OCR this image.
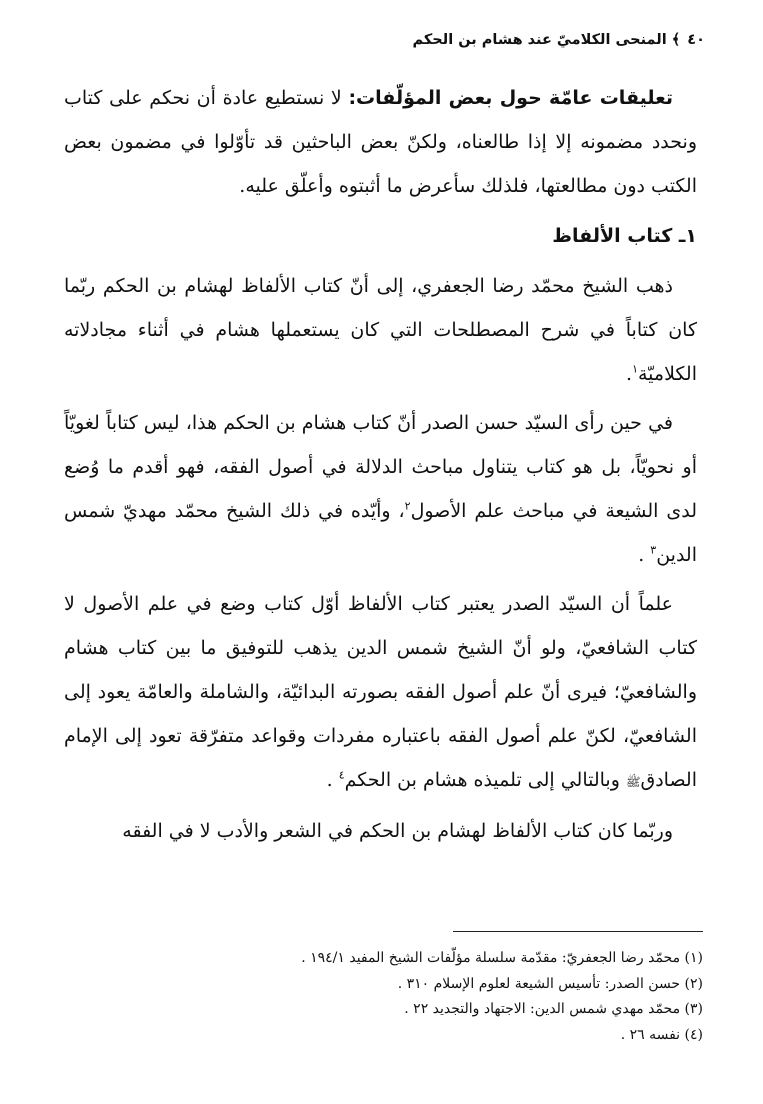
٤٠ ﴾ المنحى الكلاميّ عند هشام بن الحكم

تعليقات عامّة حول بعض المؤلّفات: لا نستطيع عادة أن نحكم على كتاب ونحدد مضمونه إلا إذا طالعناه، ولكنّ بعض الباحثين قد تأوّلوا في مضمون بعض الكتب دون مطالعتها، فلذلك سأعرض ما أثبتوه وأعلّق عليه.

١ـ كتاب الألفاظ

ذهب الشيخ محمّد رضا الجعفري، إلى أنّ كتاب الألفاظ لهشام بن الحكم ربّما كان كتاباً في شرح المصطلحات التي كان يستعملها هشام في أثناء مجادلاته الكلاميّة$^١$.

في حين رأى السيّد حسن الصدر أنّ كتاب هشام بن الحكم هذا، ليس كتاباً لغويّاً أو نحويّاً، بل هو كتاب يتناول مباحث الدلالة في أصول الفقه، فهو أقدم ما وُضع لدى الشيعة في مباحث علم الأصول$^٢$، وأيّده في ذلك الشيخ محمّد مهديّ شمس الدين$^٣$ .

علماً أن السيّد الصدر يعتبر كتاب الألفاظ أوّل كتاب وضع في علم الأصول لا كتاب الشافعيّ، ولو أنّ الشيخ شمس الدين يذهب للتوفيق ما بين كتاب هشام والشافعيّ؛ فيرى أنّ علم أصول الفقه بصورته البدائيّة، والشاملة والعامّة يعود إلى الشافعيّ، لكنّ علم أصول الفقه باعتباره مفردات وقواعد متفرّقة تعود إلى الإمام الصادقﷺ وبالتالي إلى تلميذه هشام بن الحكم$^٤$ .

وربّما كان كتاب الألفاظ لهشام بن الحكم في الشعر والأدب لا في الفقه

(١) محمّد رضا الجعفريّ: مقدّمة سلسلة مؤلّفات الشيخ المفيد ١٩٤/١ .
(٢) حسن الصدر: تأسيس الشيعة لعلوم الإسلام ٣١٠ .
(٣) محمّد مهدي شمس الدين: الاجتهاد والتجديد ٢٢ .
(٤) نفسه ٢٦ .
